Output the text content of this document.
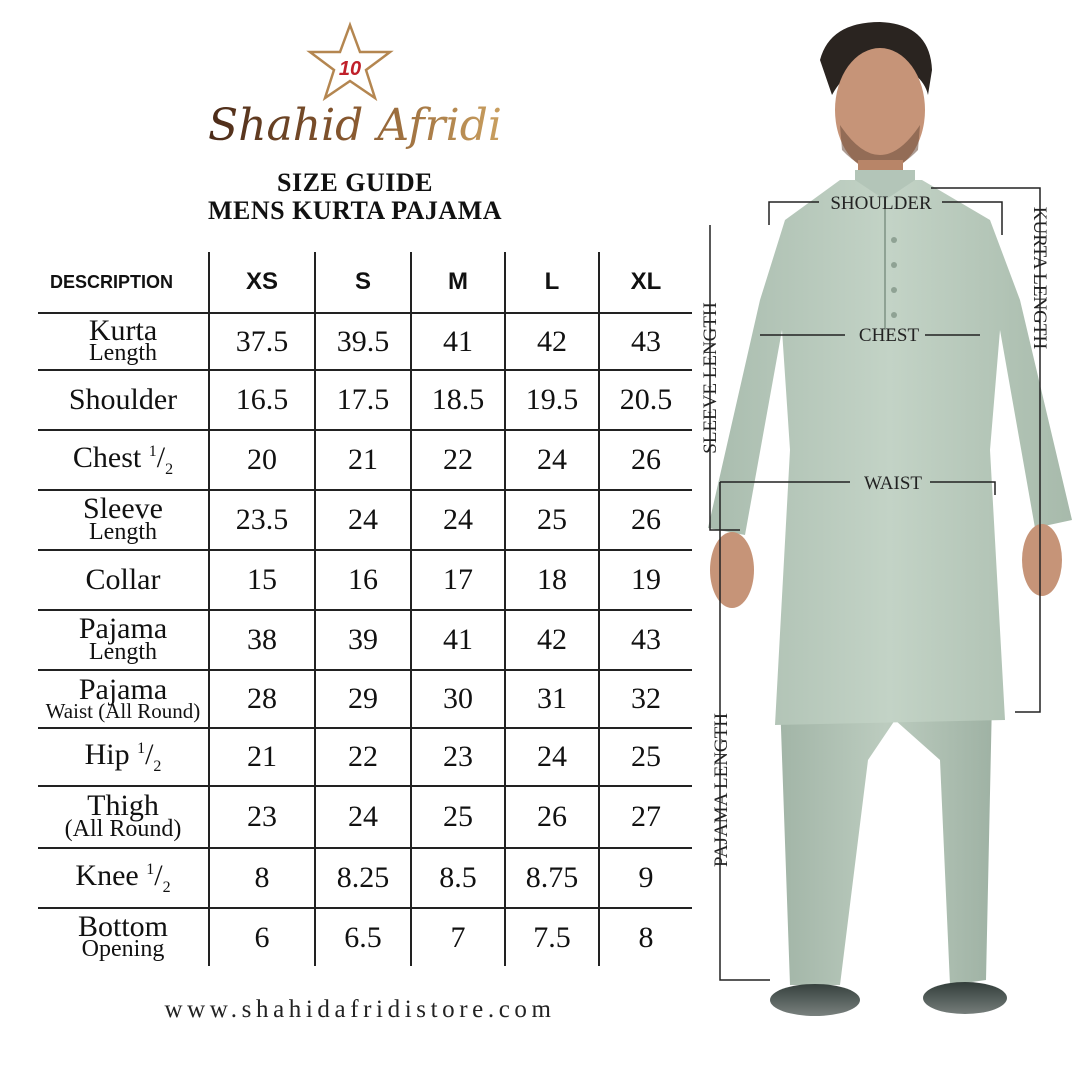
10
Shahid Afridi
SIZE GUIDE
MENS KURTA PAJAMA
DESCRIPTION	XS	S	M	L	XL

Kurta
Length	37.5	39.5	41	42	43

Shoulder	16.5	17.5	18.5	19.5	20.5
Chest $^1/_2$	20	21	22	24	26

Sleeve
Length	23.5	24	24	25	26

Collar	15	16	17	18	19

Pajama
Length	38	39	41	42	43

Pajama
Waist (All Round)	28	29	30	31	32
Hip $^1/_2$	21	22	23	24	25

Thigh
(All Round)	23	24	25	26	27
Knee $^1/_2$	8	8.25	8.5	8.75	9

Bottom
Opening	6	6.5	7	7.5	8
www.shahidafridistore.com
SHOULDER
CHEST
WAIST
SLEEVE LENGTH
KURTA LENGTH
PAJAMA LENGTH
